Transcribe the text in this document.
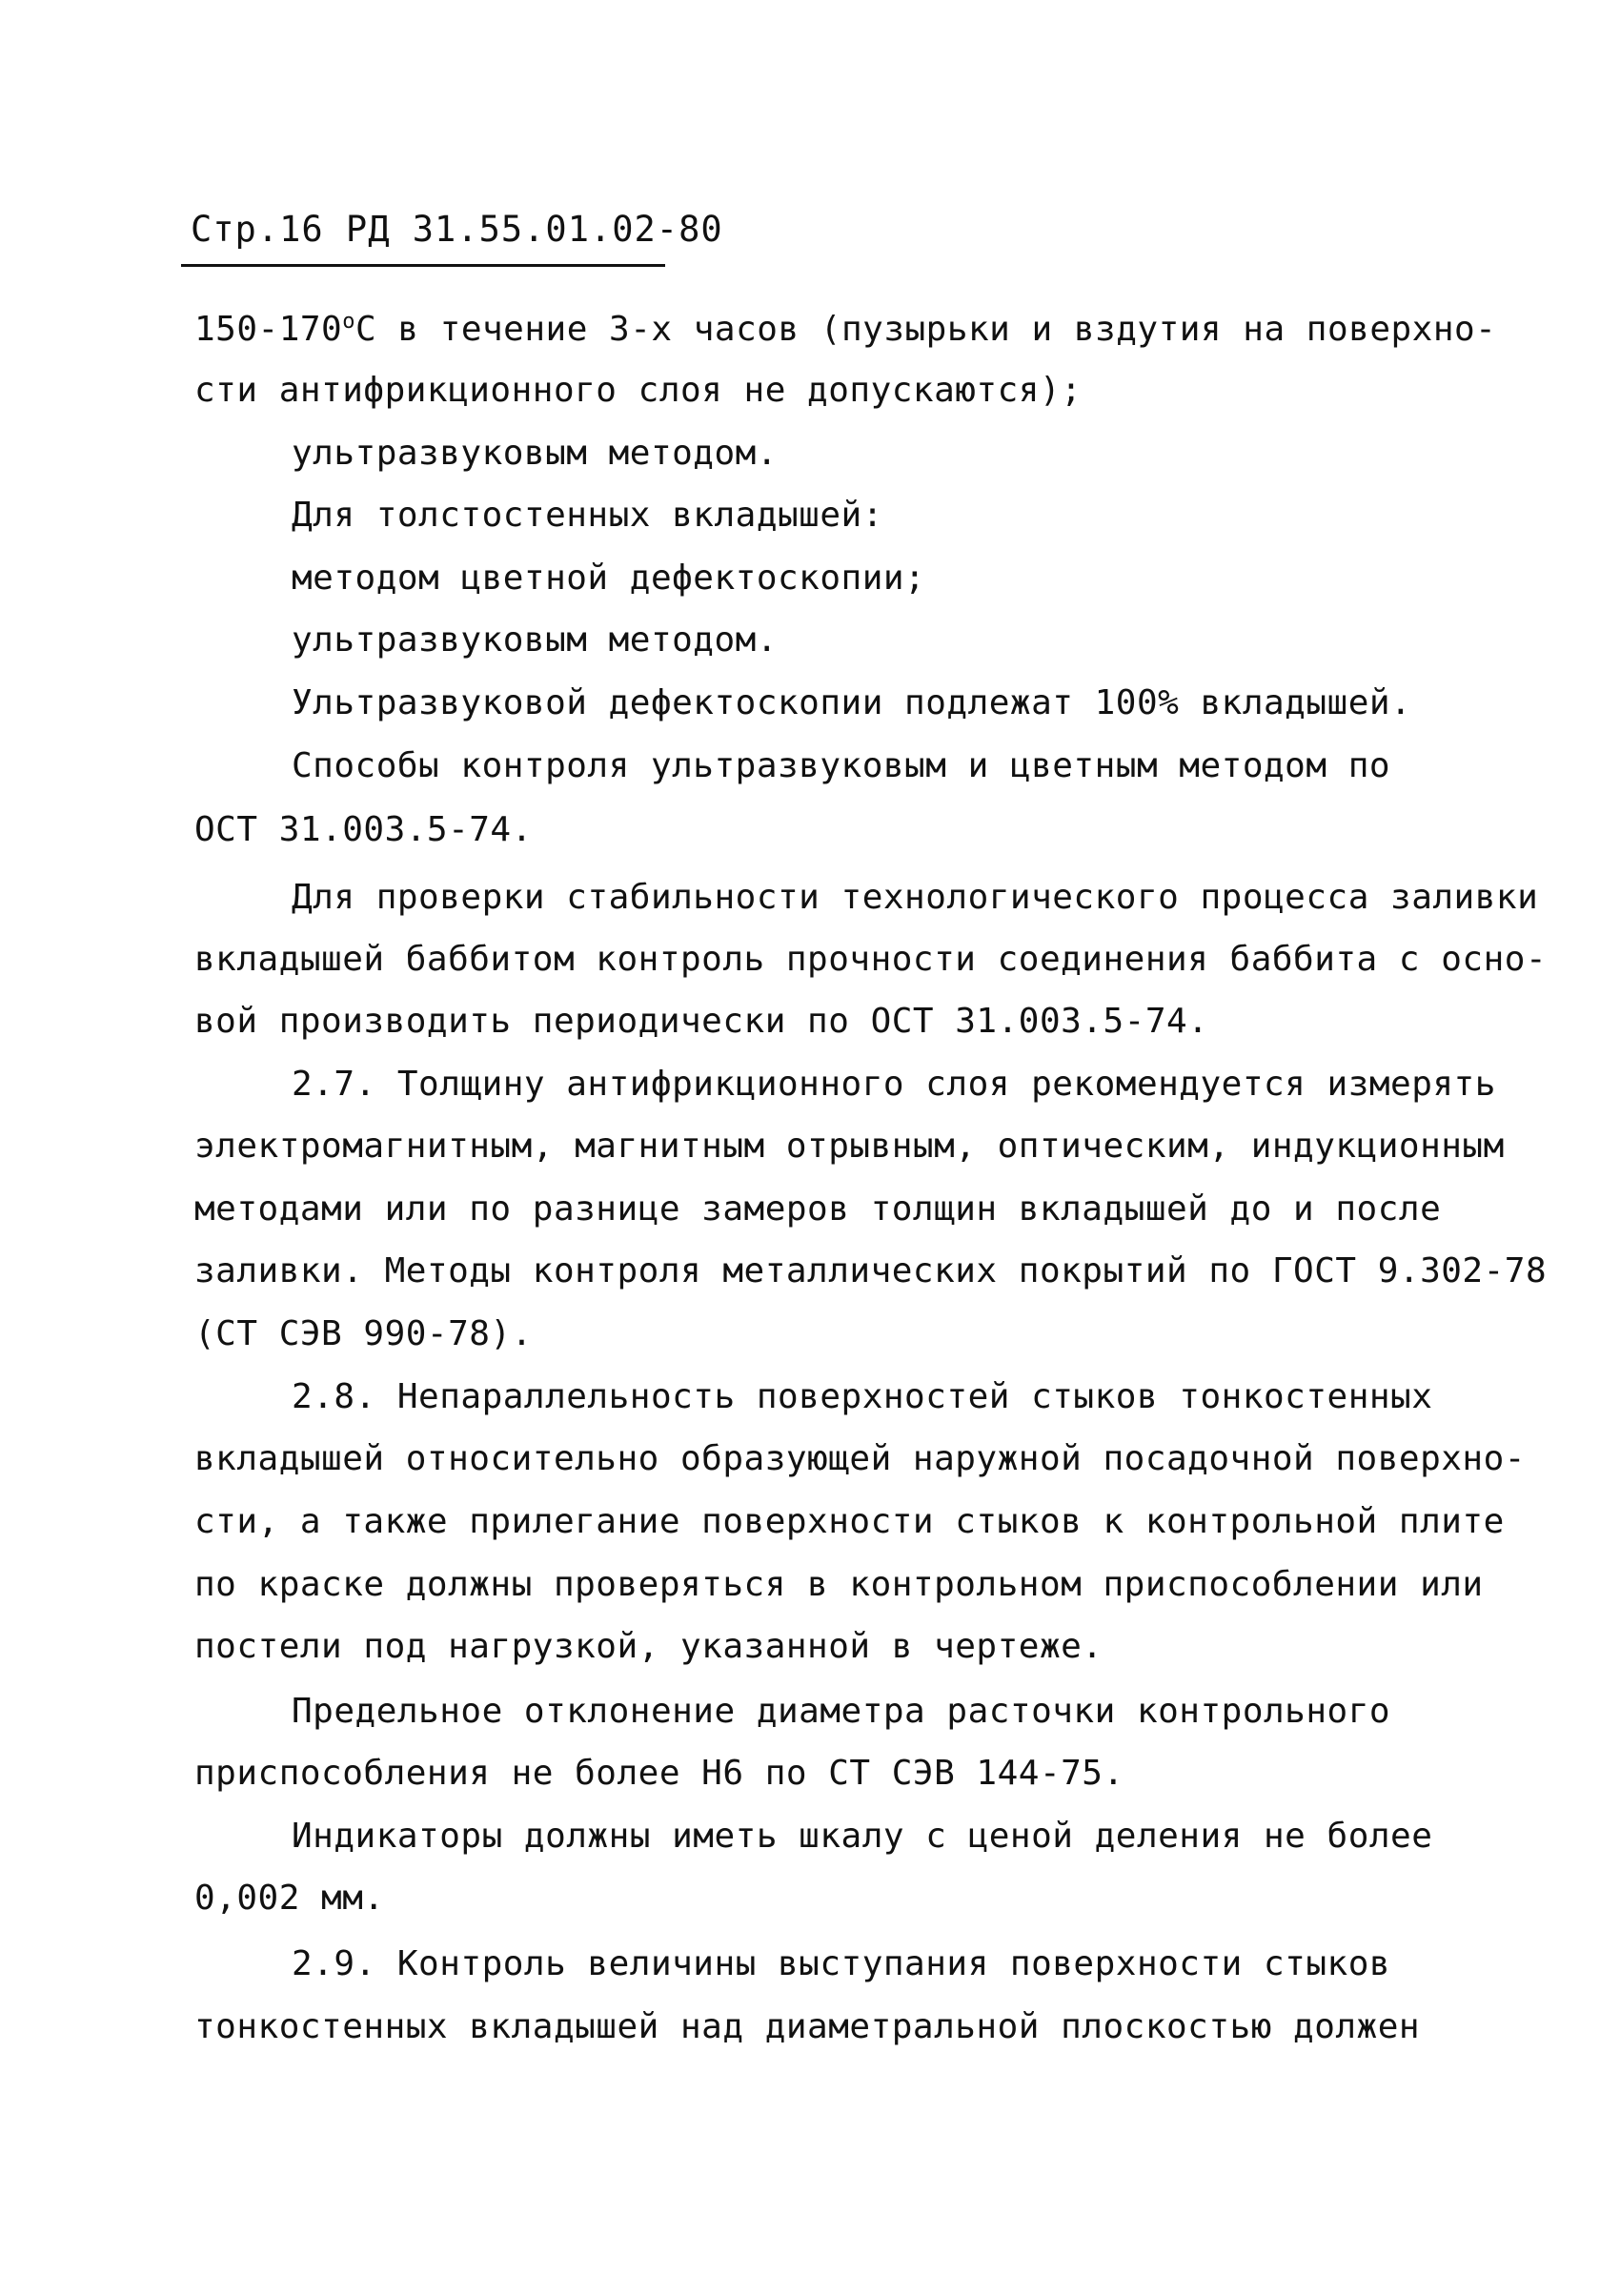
Стр.16 РД 31.55.01.02-80
$150-170^оС$ в течение 3-х часов (пузырьки и вздутия на поверхно-
сти антифрикционного слоя не допускаются);
ультразвуковым методом.
Для толстостенных вкладышей:
методом цветной дефектоскопии;
ультразвуковым методом.
Ультразвуковой дефектоскопии подлежат 100% вкладышей.
Способы контроля ультразвуковым и цветным методом по
ОСТ 31.003.5-74.
Для проверки стабильности технологического процесса заливки
вкладышей баббитом контроль прочности соединения баббита с осно-
вой производить периодически по ОСТ 31.003.5-74.
2.7. Толщину антифрикционного слоя рекомендуется измерять
электромагнитным, магнитным отрывным, оптическим, индукционным
методами или по разнице замеров толщин вкладышей до и после
заливки. Методы контроля металлических покрытий по ГОСТ 9.302-78
(СТ СЭВ 990-78).
2.8. Непараллельность поверхностей стыков тонкостенных
вкладышей относительно образующей наружной посадочной поверхно-
сти, а также прилегание поверхности стыков к контрольной плите
по краске должны проверяться в контрольном приспособлении или
постели под нагрузкой, указанной в чертеже.
Предельное отклонение диаметра расточки контрольного
приспособления не более Н6 по СТ СЭВ 144-75.
Индикаторы должны иметь шкалу с ценой деления не более
0,002 мм.
2.9. Контроль величины выступания поверхности стыков
тонкостенных вкладышей над диаметральной плоскостью должен
